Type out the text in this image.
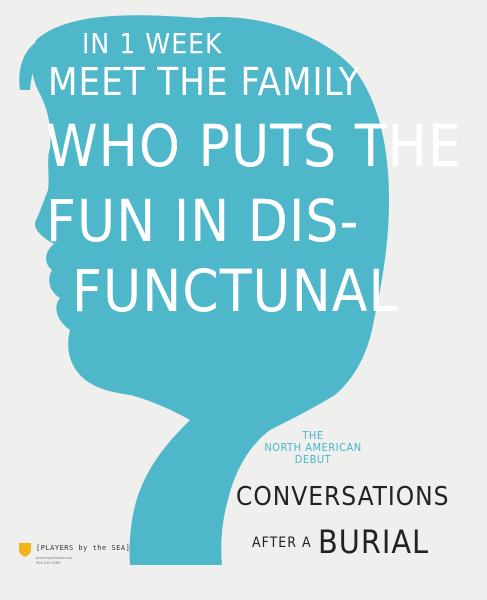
IN 1 WEEK
MEET THE FAMILY
WHO PUTS THE
FUN IN DIS-
FUNCTUNAL
THE
NORTH AMERICAN
DEBUT
CONVERSATIONS
AFTER A BURIAL
[PLAYERS by the SEA]
playersbythesea.org
904.249.0289
